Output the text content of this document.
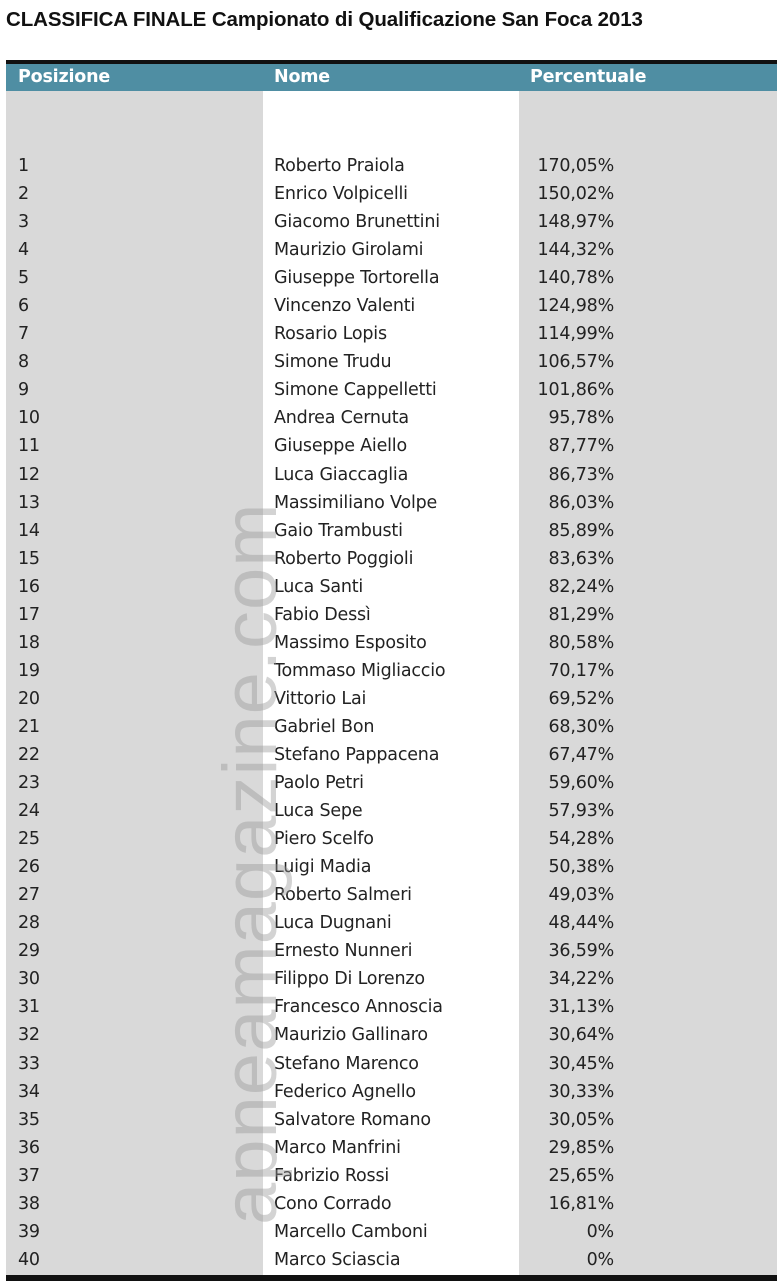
CLASSIFICA FINALE Campionato di Qualificazione San Foca 2013
Posizione	Nome	Percentuale
1	Roberto Praiola	170,05%
2	Enrico Volpicelli	150,02%
3	Giacomo Brunettini	148,97%
4	Maurizio Girolami	144,32%
5	Giuseppe Tortorella	140,78%
6	Vincenzo Valenti	124,98%
7	Rosario Lopis	114,99%
8	Simone Trudu	106,57%
9	Simone Cappelletti	101,86%
10	Andrea Cernuta	95,78%
11	Giuseppe Aiello	87,77%
12	Luca Giaccaglia	86,73%
13	Massimiliano Volpe	86,03%
14	Gaio Trambusti	85,89%
15	Roberto Poggioli	83,63%
16	Luca Santi	82,24%
17	Fabio Dessì	81,29%
18	Massimo Esposito	80,58%
19	Tommaso Migliaccio	70,17%
20	Vittorio Lai	69,52%
21	Gabriel Bon	68,30%
22	Stefano Pappacena	67,47%
23	Paolo Petri	59,60%
24	Luca Sepe	57,93%
25	Piero Scelfo	54,28%
26	Luigi Madia	50,38%
27	Roberto Salmeri	49,03%
28	Luca Dugnani	48,44%
29	Ernesto Nunneri	36,59%
30	Filippo Di Lorenzo	34,22%
31	Francesco Annoscia	31,13%
32	Maurizio Gallinaro	30,64%
33	Stefano Marenco	30,45%
34	Federico Agnello	30,33%
35	Salvatore Romano	30,05%
36	Marco Manfrini	29,85%
37	Fabrizio Rossi	25,65%
38	Cono Corrado	16,81%
39	Marcello Camboni	0%
40	Marco Sciascia	0%
apneamagazine.com
